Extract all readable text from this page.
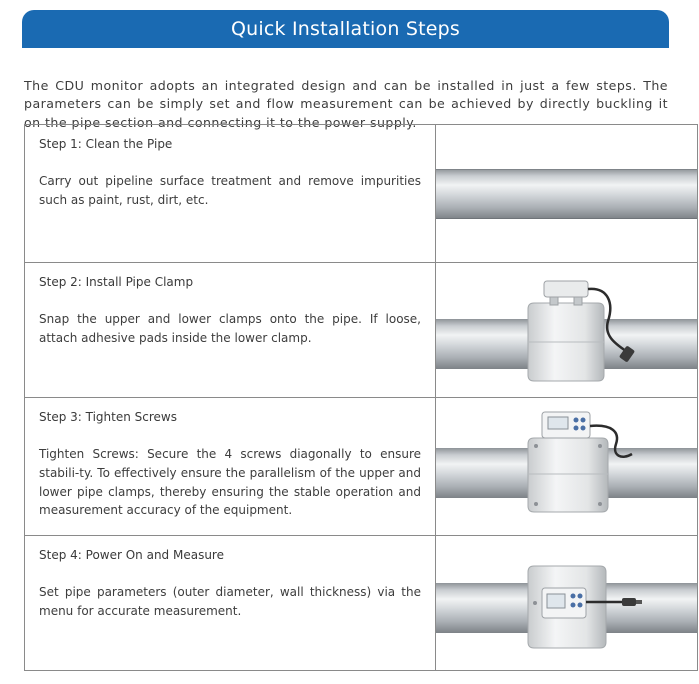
Quick Installation Steps

The CDU monitor adopts an integrated design and can be installed in just a few steps. The parameters can be simply set and flow measurement can be achieved by directly buckling it on the pipe section and connecting it to the power supply.

Step 1: Clean the Pipe

Carry out pipeline surface treatment and remove impurities such as paint, rust, dirt, etc.

Step 2: Install Pipe Clamp

Snap the upper and lower clamps onto the pipe. If loose, attach adhesive pads inside the lower clamp.

Step 3: Tighten Screws

Tighten Screws: Secure the 4 screws diagonally to ensure stabili-ty. To effectively ensure the parallelism of the upper and lower pipe clamps, thereby ensuring the stable operation and measurement accuracy of the equipment.

Step 4: Power On and Measure

Set pipe parameters (outer diameter, wall thickness) via the menu for accurate measurement.
